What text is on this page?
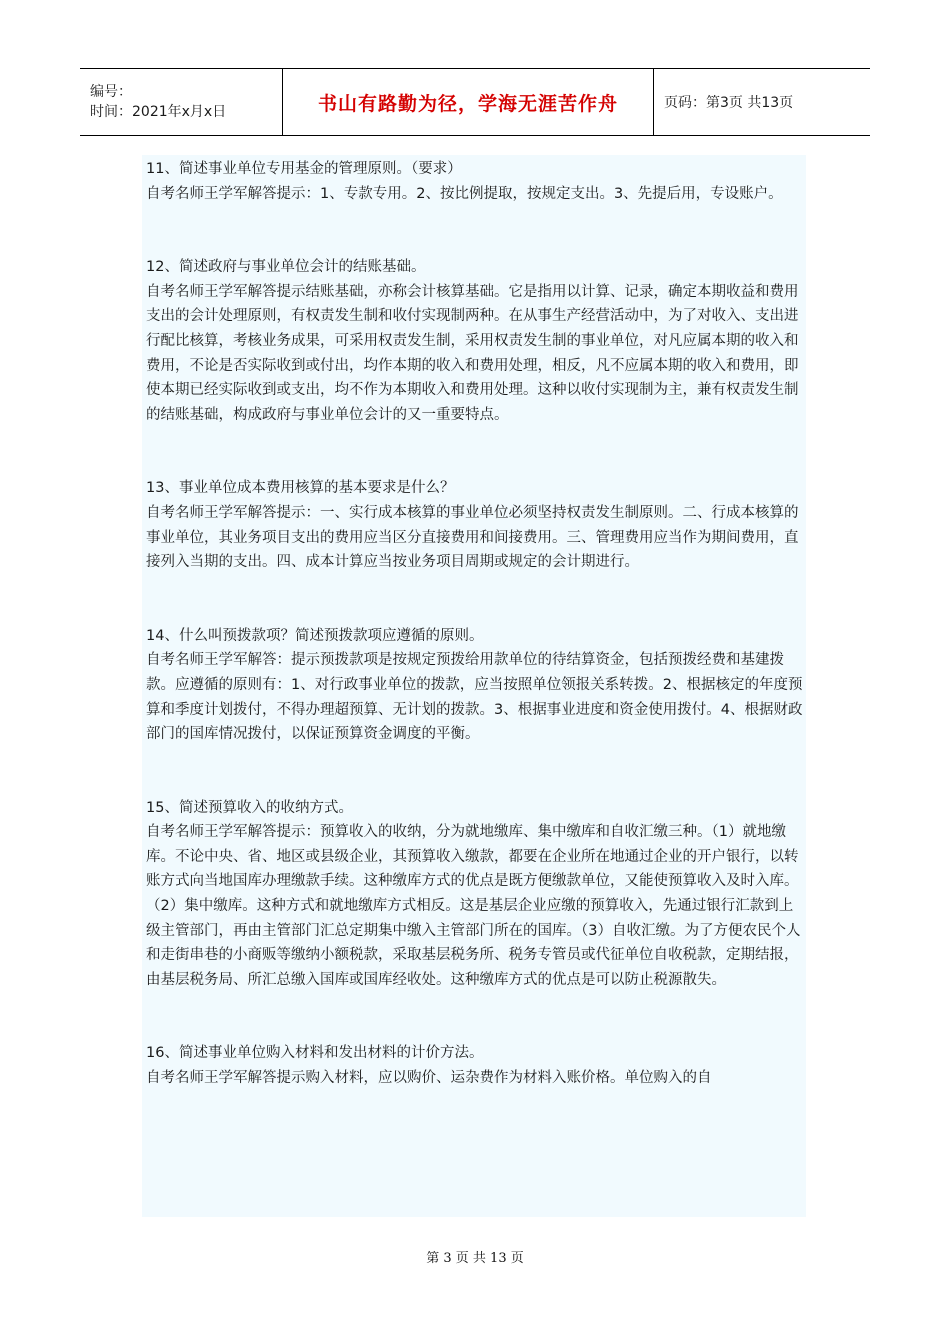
编号：
时间：2021年x月x日	书山有路勤为径，学海无涯苦作舟	页码：第3页 共13页
11、简述事业单位专用基金的管理原则。（要求）
自考名师王学军解答提示：1、专款专用。2、按比例提取，按规定支出。3、先提后用，专设账户。
12、简述政府与事业单位会计的结账基础。
自考名师王学军解答提示结账基础，亦称会计核算基础。它是指用以计算、记录，确定本期收益和费用支出的会计处理原则，有权责发生制和收付实现制两种。在从事生产经营活动中，为了对收入、支出进行配比核算，考核业务成果，可采用权责发生制，采用权责发生制的事业单位，对凡应属本期的收入和费用，不论是否实际收到或付出，均作本期的收入和费用处理，相反，凡不应属本期的收入和费用，即使本期已经实际收到或支出，均不作为本期收入和费用处理。这种以收付实现制为主，兼有权责发生制的结账基础，构成政府与事业单位会计的又一重要特点。
13、事业单位成本费用核算的基本要求是什么？
自考名师王学军解答提示：一、实行成本核算的事业单位必须坚持权责发生制原则。二、行成本核算的事业单位，其业务项目支出的费用应当区分直接费用和间接费用。三、管理费用应当作为期间费用，直接列入当期的支出。四、成本计算应当按业务项目周期或规定的会计期进行。
14、什么叫预拨款项？简述预拨款项应遵循的原则。
自考名师王学军解答：提示预拨款项是按规定预拨给用款单位的待结算资金，包括预拨经费和基建拨款。应遵循的原则有：1、对行政事业单位的拨款，应当按照单位领报关系转拨。2、根据核定的年度预算和季度计划拨付，不得办理超预算、无计划的拨款。3、根据事业进度和资金使用拨付。4、根据财政部门的国库情况拨付，以保证预算资金调度的平衡。
15、简述预算收入的收纳方式。
自考名师王学军解答提示：预算收入的收纳，分为就地缴库、集中缴库和自收汇缴三种。（1）就地缴库。不论中央、省、地区或县级企业，其预算收入缴款，都要在企业所在地通过企业的开户银行，以转账方式向当地国库办理缴款手续。这种缴库方式的优点是既方便缴款单位，又能使预算收入及时入库。（2）集中缴库。这种方式和就地缴库方式相反。这是基层企业应缴的预算收入，先通过银行汇款到上级主管部门，再由主管部门汇总定期集中缴入主管部门所在的国库。（3）自收汇缴。为了方便农民个人和走街串巷的小商贩等缴纳小额税款，采取基层税务所、税务专管员或代征单位自收税款，定期结报，由基层税务局、所汇总缴入国库或国库经收处。这种缴库方式的优点是可以防止税源散失。
16、简述事业单位购入材料和发出材料的计价方法。
自考名师王学军解答提示购入材料，应以购价、运杂费作为材料入账价格。单位购入的自
第 3 页 共 13 页
